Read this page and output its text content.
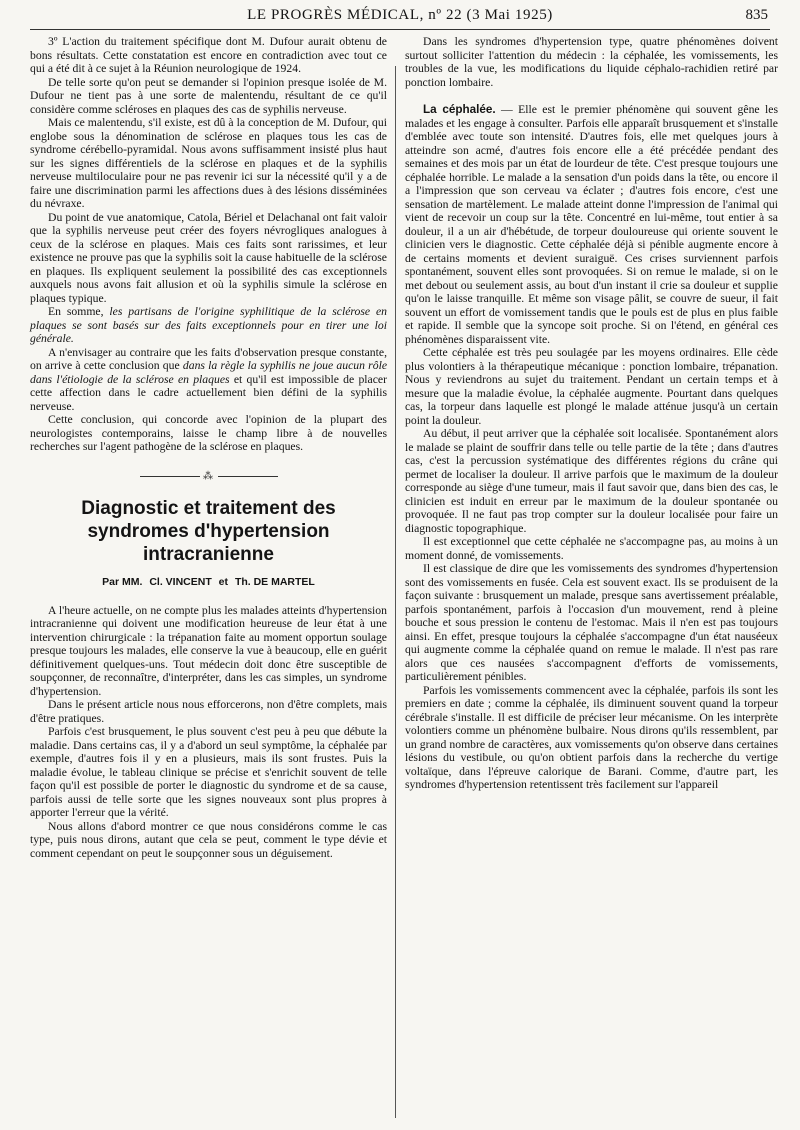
LE PROGRÈS MÉDICAL, nº 22 (3 Mai 1925)	835

3º L'action du traitement spécifique dont M. Dufour aurait obtenu de bons résultats. Cette constatation est encore en contradiction avec tout ce qui a été dit à ce sujet à la Réunion neurologique de 1924.

De telle sorte qu'on peut se demander si l'opinion presque isolée de M. Dufour ne tient pas à une sorte de malentendu, résultant de ce qu'il considère comme scléroses en plaques des cas de syphilis nerveuse.

Mais ce malentendu, s'il existe, est dû à la conception de M. Dufour, qui englobe sous la dénomination de sclérose en plaques tous les cas de syndrome cérébello-pyramidal. Nous avons suffisamment insisté plus haut sur les signes différentiels de la sclérose en plaques et de la syphilis nerveuse multiloculaire pour ne pas revenir ici sur la nécessité qu'il y a de faire une discrimination parmi les affections dues à des lésions disséminées du névraxe.

Du point de vue anatomique, Catola, Bériel et Delachanal ont fait valoir que la syphilis nerveuse peut créer des foyers névrogliques analogues à ceux de la sclérose en plaques. Mais ces faits sont rarissimes, et leur existence ne prouve pas que la syphilis soit la cause habituelle de la sclérose en plaques. Ils expliquent seulement la possibilité des cas exceptionnels auxquels nous avons fait allusion et où la syphilis simule la sclérose en plaques typique.

En somme, les partisans de l'origine syphilitique de la sclérose en plaques se sont basés sur des faits exceptionnels pour en tirer une loi générale.

A n'envisager au contraire que les faits d'observation presque constante, on arrive à cette conclusion que dans la règle la syphilis ne joue aucun rôle dans l'étiologie de la sclérose en plaques et qu'il est impossible de placer cette affection dans le cadre actuellement bien défini de la syphilis nerveuse.

Cette conclusion, qui concorde avec l'opinion de la plupart des neurologistes contemporains, laisse le champ libre à de nouvelles recherches sur l'agent pathogène de la sclérose en plaques.

⁂
Diagnostic et traitement des syndromes d'hypertension intracranienne
Par MM. Cl. VINCENT et Th. DE MARTEL

A l'heure actuelle, on ne compte plus les malades atteints d'hypertension intracranienne qui doivent une modification heureuse de leur état à une intervention chirurgicale : la trépanation faite au moment opportun soulage presque toujours les malades, elle conserve la vue à beaucoup, elle en guérit définitivement quelques-uns. Tout médecin doit donc être susceptible de soupçonner, de reconnaître, d'interpréter, dans les cas simples, un syndrome d'hypertension.

Dans le présent article nous nous efforcerons, non d'être complets, mais d'être pratiques.

Parfois c'est brusquement, le plus souvent c'est peu à peu que débute la maladie. Dans certains cas, il y a d'abord un seul symptôme, la céphalée par exemple, d'autres fois il y en a plusieurs, mais ils sont frustes. Puis la maladie évolue, le tableau clinique se précise et s'enrichit souvent de telle façon qu'il est possible de porter le diagnostic du syndrome et de sa cause, parfois aussi de telle sorte que les signes nouveaux sont plus propres à apporter l'erreur que la vérité.

Nous allons d'abord montrer ce que nous considérons comme le cas type, puis nous dirons, autant que cela se peut, comment le type dévie et comment cependant on peut le soupçonner sous un déguisement.

Dans les syndromes d'hypertension type, quatre phénomènes doivent surtout solliciter l'attention du médecin : la céphalée, les vomissements, les troubles de la vue, les modifications du liquide céphalo-rachidien retiré par ponction lombaire.

La céphalée. — Elle est le premier phénomène qui souvent gêne les malades et les engage à consulter. Parfois elle apparaît brusquement et s'installe d'emblée avec toute son intensité. D'autres fois, elle met quelques jours à atteindre son acmé, d'autres fois encore elle a été précédée pendant des semaines et des mois par un état de lourdeur de tête. C'est presque toujours une céphalée horrible. Le malade a la sensation d'un poids dans la tête, ou encore il a l'impression que son cerveau va éclater ; d'autres fois encore, c'est une sensation de martèlement. Le malade atteint donne l'impression de l'animal qui vient de recevoir un coup sur la tête. Concentré en lui-même, tout entier à sa douleur, il a un air d'hébétude, de torpeur douloureuse qui oriente souvent le clinicien vers le diagnostic. Cette céphalée déjà si pénible augmente encore à de certains moments et devient suraiguë. Ces crises surviennent parfois spontanément, souvent elles sont provoquées. Si on remue le malade, si on le met debout ou seulement assis, au bout d'un instant il crie sa douleur et supplie qu'on le laisse tranquille. Et même son visage pâlit, se couvre de sueur, il fait souvent un effort de vomissement tandis que le pouls est de plus en plus faible et rapide. Il semble que la syncope soit proche. Si on l'étend, en général ces phénomènes disparaissent vite.

Cette céphalée est très peu soulagée par les moyens ordinaires. Elle cède plus volontiers à la thérapeutique mécanique : ponction lombaire, trépanation. Nous y reviendrons au sujet du traitement. Pendant un certain temps et à mesure que la maladie évolue, la céphalée augmente. Pourtant dans quelques cas, la torpeur dans laquelle est plongé le malade atténue jusqu'à un certain point la douleur.

Au début, il peut arriver que la céphalée soit localisée. Spontanément alors le malade se plaint de souffrir dans telle ou telle partie de la tête ; dans d'autres cas, c'est la percussion systématique des différentes régions du crâne qui permet de localiser la douleur. Il arrive parfois que le maximum de la douleur corresponde au siège d'une tumeur, mais il faut savoir que, dans bien des cas, le clinicien est induit en erreur par le maximum de la douleur spontanée ou provoquée. Il ne faut pas trop compter sur la douleur localisée pour faire un diagnostic topographique.

Il est exceptionnel que cette céphalée ne s'accompagne pas, au moins à un moment donné, de vomissements.

Il est classique de dire que les vomissements des syndromes d'hypertension sont des vomissements en fusée. Cela est souvent exact. Ils se produisent de la façon suivante : brusquement un malade, presque sans avertissement préalable, parfois spontanément, parfois à l'occasion d'un mouvement, rend à pleine bouche et sous pression le contenu de l'estomac. Mais il n'en est pas toujours ainsi. En effet, presque toujours la céphalée s'accompagne d'un état nauséeux qui augmente comme la céphalée quand on remue le malade. Il n'est pas rare alors que ces nausées s'accompagnent d'efforts de vomissements, particulièrement pénibles.

Parfois les vomissements commencent avec la céphalée, parfois ils sont les premiers en date ; comme la céphalée, ils diminuent souvent quand la torpeur cérébrale s'installe. Il est difficile de préciser leur mécanisme. On les interprète volontiers comme un phénomène bulbaire. Nous dirons qu'ils ressemblent, par un grand nombre de caractères, aux vomissements qu'on observe dans certaines lésions du vestibule, ou qu'on obtient parfois dans la recherche du vertige voltaïque, dans l'épreuve calorique de Barani. Comme, d'autre part, les syndromes d'hypertension retentissent très facilement sur l'appareil
